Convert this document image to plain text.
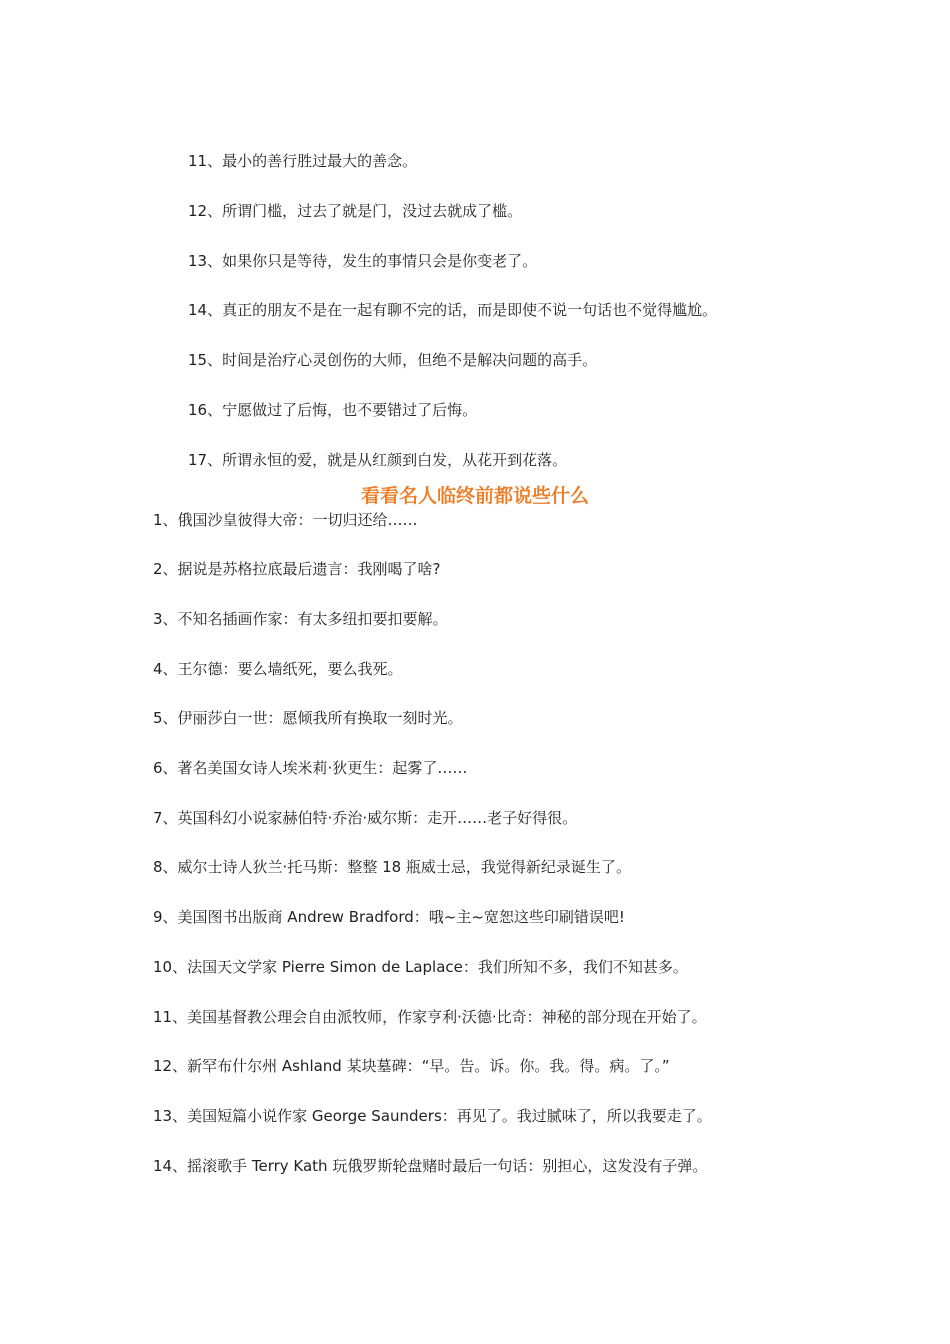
11、最小的善行胜过最大的善念。
12、所谓门槛，过去了就是门，没过去就成了槛。
13、如果你只是等待，发生的事情只会是你变老了。
14、真正的朋友不是在一起有聊不完的话，而是即使不说一句话也不觉得尴尬。
15、时间是治疗心灵创伤的大师，但绝不是解决问题的高手。
16、宁愿做过了后悔，也不要错过了后悔。
17、所谓永恒的爱，就是从红颜到白发，从花开到花落。
看看名人临终前都说些什么
1、俄国沙皇彼得大帝：一切归还给……
2、据说是苏格拉底最后遗言：我刚喝了啥?
3、不知名插画作家：有太多纽扣要扣要解。
4、王尔德：要么墙纸死，要么我死。
5、伊丽莎白一世：愿倾我所有换取一刻时光。
6、著名美国女诗人埃米莉·狄更生：起雾了……
7、英国科幻小说家赫伯特·乔治·威尔斯：走开……老子好得很。
8、威尔士诗人狄兰·托马斯：整整 18 瓶威士忌，我觉得新纪录诞生了。
9、美国图书出版商 Andrew Bradford：哦~主~宽恕这些印刷错误吧!
10、法国天文学家 Pierre Simon de Laplace：我们所知不多，我们不知甚多。
11、美国基督教公理会自由派牧师，作家亨利·沃德·比奇：神秘的部分现在开始了。
12、新罕布什尔州 Ashland 某块墓碑：“早。告。诉。你。我。得。病。了。”
13、美国短篇小说作家 George Saunders：再见了。我过腻味了，所以我要走了。
14、摇滚歌手 Terry Kath 玩俄罗斯轮盘赌时最后一句话：别担心，这发没有子弹。
